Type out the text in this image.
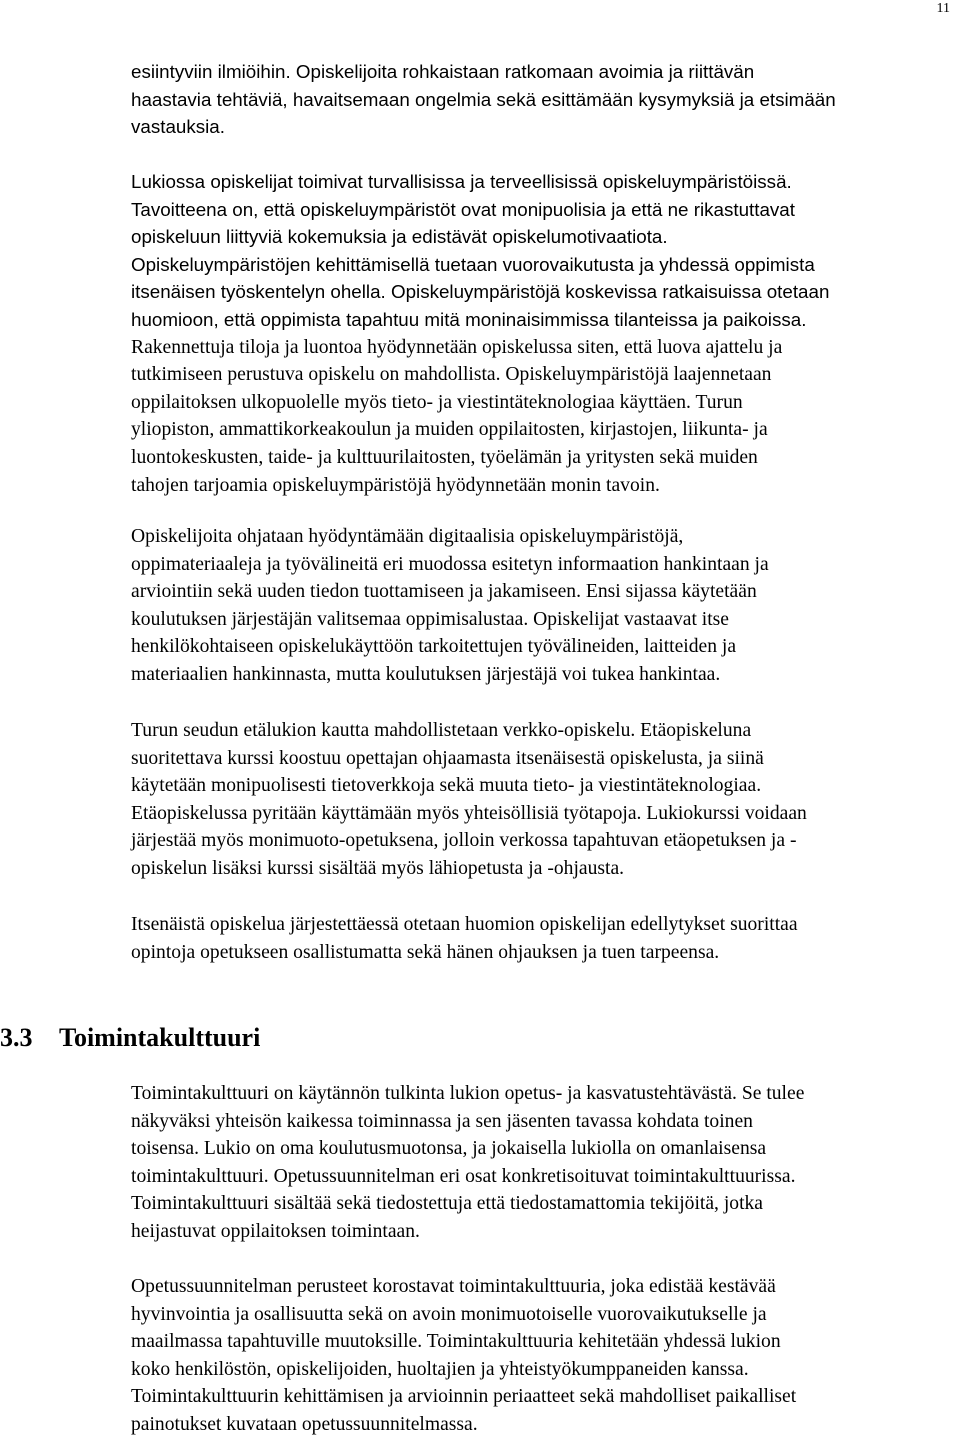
11
esiintyviin ilmiöihin. Opiskelijoita rohkaistaan ratkomaan avoimia ja riittävän
haastavia tehtäviä, havaitsemaan ongelmia sekä esittämään kysymyksiä ja etsimään
vastauksia.
Lukiossa opiskelijat toimivat turvallisissa ja terveellisissä opiskeluympäristöissä.
Tavoitteena on, että opiskeluympäristöt ovat monipuolisia ja että ne rikastuttavat
opiskeluun liittyviä kokemuksia ja edistävät opiskelumotivaatiota.
Opiskeluympäristöjen kehittämisellä tuetaan vuorovaikutusta ja yhdessä oppimista
itsenäisen työskentelyn ohella. Opiskeluympäristöjä koskevissa ratkaisuissa otetaan
huomioon, että oppimista tapahtuu mitä moninaisimmissa tilanteissa ja paikoissa.
Rakennettuja tiloja ja luontoa hyödynnetään opiskelussa siten, että luova ajattelu ja
tutkimiseen perustuva opiskelu on mahdollista. Opiskeluympäristöjä laajennetaan
oppilaitoksen ulkopuolelle myös tieto- ja viestintäteknologiaa käyttäen. Turun
yliopiston, ammattikorkeakoulun ja muiden oppilaitosten, kirjastojen, liikunta- ja
luontokeskusten, taide- ja kulttuurilaitosten, työelämän ja yritysten sekä muiden
tahojen tarjoamia opiskeluympäristöjä hyödynnetään monin tavoin.
Opiskelijoita ohjataan hyödyntämään digitaalisia opiskeluympäristöjä,
oppimateriaaleja ja työvälineitä eri muodossa esitetyn informaation hankintaan ja
arviointiin sekä uuden tiedon tuottamiseen ja jakamiseen. Ensi sijassa käytetään
koulutuksen järjestäjän valitsemaa oppimisalustaa. Opiskelijat vastaavat itse
henkilökohtaiseen opiskelukäyttöön tarkoitettujen työvälineiden, laitteiden ja
materiaalien hankinnasta, mutta koulutuksen järjestäjä voi tukea hankintaa.
Turun seudun etälukion kautta mahdollistetaan verkko-opiskelu. Etäopiskeluna
suoritettava kurssi koostuu opettajan ohjaamasta itsenäisestä opiskelusta, ja siinä
käytetään monipuolisesti tietoverkkoja sekä muuta tieto- ja viestintäteknologiaa.
Etäopiskelussa pyritään käyttämään myös yhteisöllisiä työtapoja. Lukiokurssi voidaan
järjestää myös monimuoto-opetuksena, jolloin verkossa tapahtuvan etäopetuksen ja -
opiskelun lisäksi kurssi sisältää myös lähiopetusta ja -ohjausta.
Itsenäistä opiskelua järjestettäessä otetaan huomion opiskelijan edellytykset suorittaa
opintoja opetukseen osallistumatta sekä hänen ohjauksen ja tuen tarpeensa.
3.3 Toimintakulttuuri
Toimintakulttuuri on käytännön tulkinta lukion opetus- ja kasvatustehtävästä. Se tulee
näkyväksi yhteisön kaikessa toiminnassa ja sen jäsenten tavassa kohdata toinen
toisensa. Lukio on oma koulutusmuotonsa, ja jokaisella lukiolla on omanlaisensa
toimintakulttuuri. Opetussuunnitelman eri osat konkretisoituvat toimintakulttuurissa.
Toimintakulttuuri sisältää sekä tiedostettuja että tiedostamattomia tekijöitä, jotka
heijastuvat oppilaitoksen toimintaan.
Opetussuunnitelman perusteet korostavat toimintakulttuuria, joka edistää kestävää
hyvinvointia ja osallisuutta sekä on avoin monimuotoiselle vuorovaikutukselle ja
maailmassa tapahtuville muutoksille. Toimintakulttuuria kehitetään yhdessä lukion
koko henkilöstön, opiskelijoiden, huoltajien ja yhteistyökumppaneiden kanssa.
Toimintakulttuurin kehittämisen ja arvioinnin periaatteet sekä mahdolliset paikalliset
painotukset kuvataan opetussuunnitelmassa.
